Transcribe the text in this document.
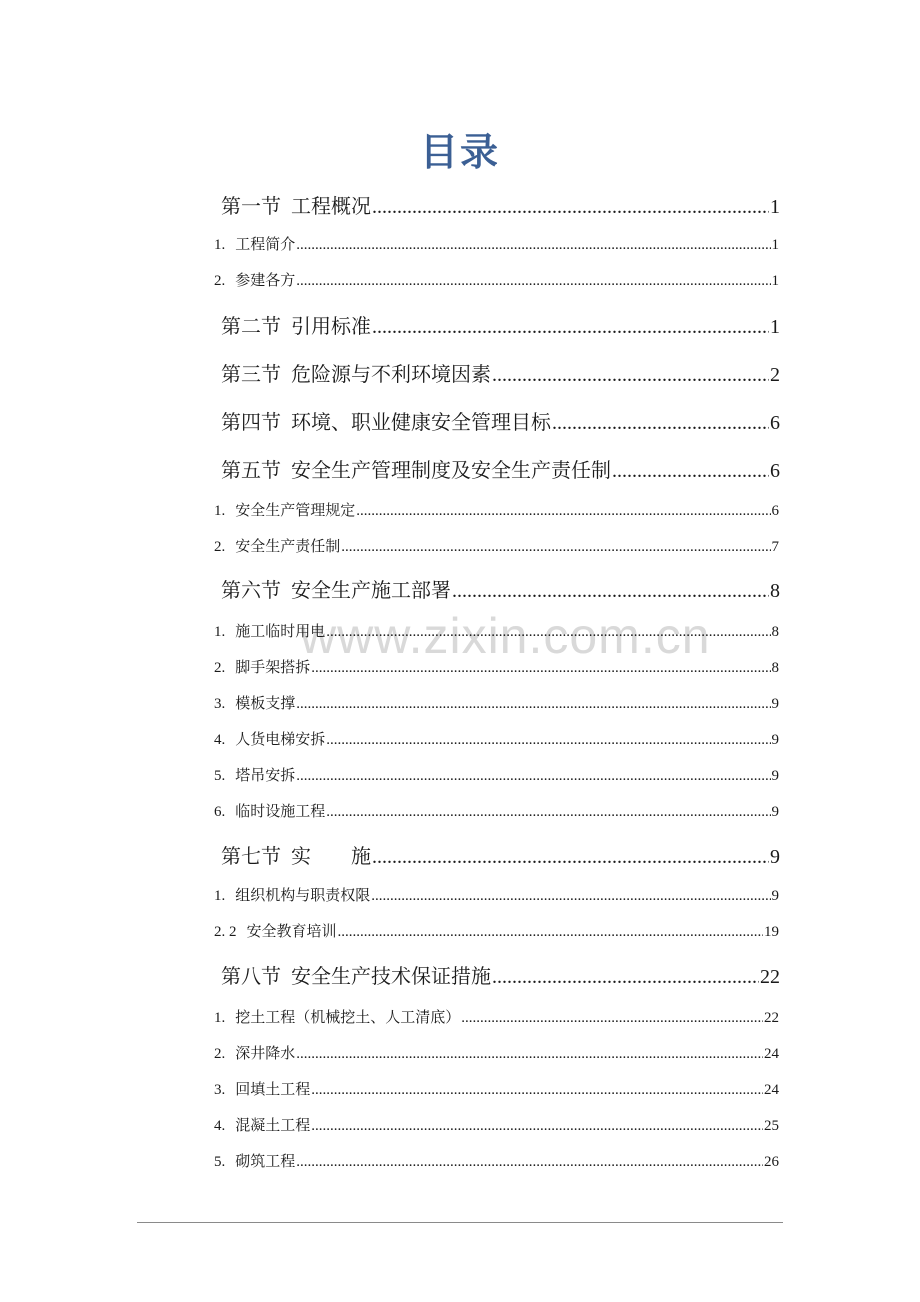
目录
www.zixin.com.cn
第一节 工程概况 .....	1
1. 工程简介 .....	1
2. 参建各方 .....	1
第二节 引用标准 .....	1
第三节 危险源与不利环境因素 .....	2
第四节 环境、职业健康安全管理目标 .....	6
第五节 安全生产管理制度及安全生产责任制 .....	6
1. 安全生产管理规定 .....	6
2. 安全生产责任制 .....	7
第六节 安全生产施工部署 .....	8
1. 施工临时用电 .....	8
2. 脚手架搭拆 .....	8
3. 模板支撑 .....	9
4. 人货电梯安拆 .....	9
5. 塔吊安拆 .....	9
6. 临时设施工程 .....	9
第七节 实　　施 .....	9
1. 组织机构与职责权限 .....	9
2. 2 安全教育培训 .....	19
第八节 安全生产技术保证措施 .....	22
1. 挖土工程（机械挖土、人工清底） .....	22
2. 深井降水 .....	24
3. 回填土工程 .....	24
4. 混凝土工程 .....	25
5. 砌筑工程 .....	26
